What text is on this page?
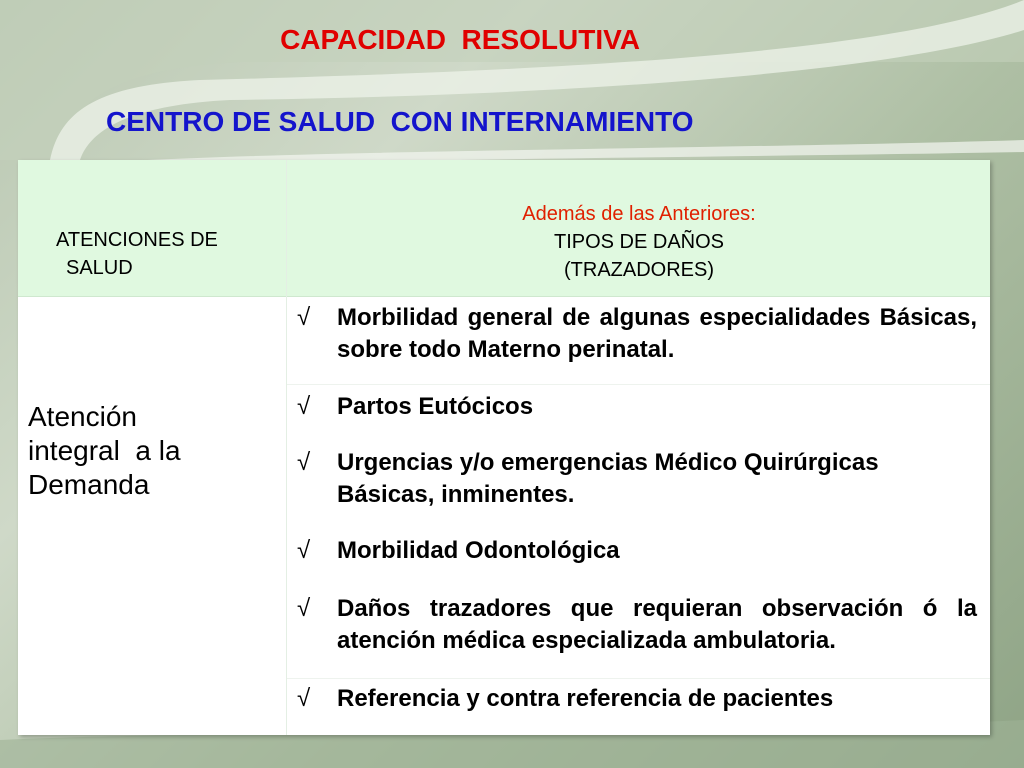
CAPACIDAD  RESOLUTIVA
CENTRO DE SALUD  CON INTERNAMIENTO
ATENCIONES DE
SALUD
Además de las Anteriores:
TIPOS DE DAÑOS
(TRAZADORES)
Atención
integral  a la
Demanda
√	Morbilidad general de algunas especialidades Básicas, sobre todo Materno perinatal.
√	Partos Eutócicos
√	Urgencias y/o emergencias Médico Quirúrgicas Básicas, inminentes.
√	Morbilidad Odontológica
√	Daños trazadores que requieran observación ó la atención médica especializada ambulatoria.
√	Referencia y contra referencia de pacientes
